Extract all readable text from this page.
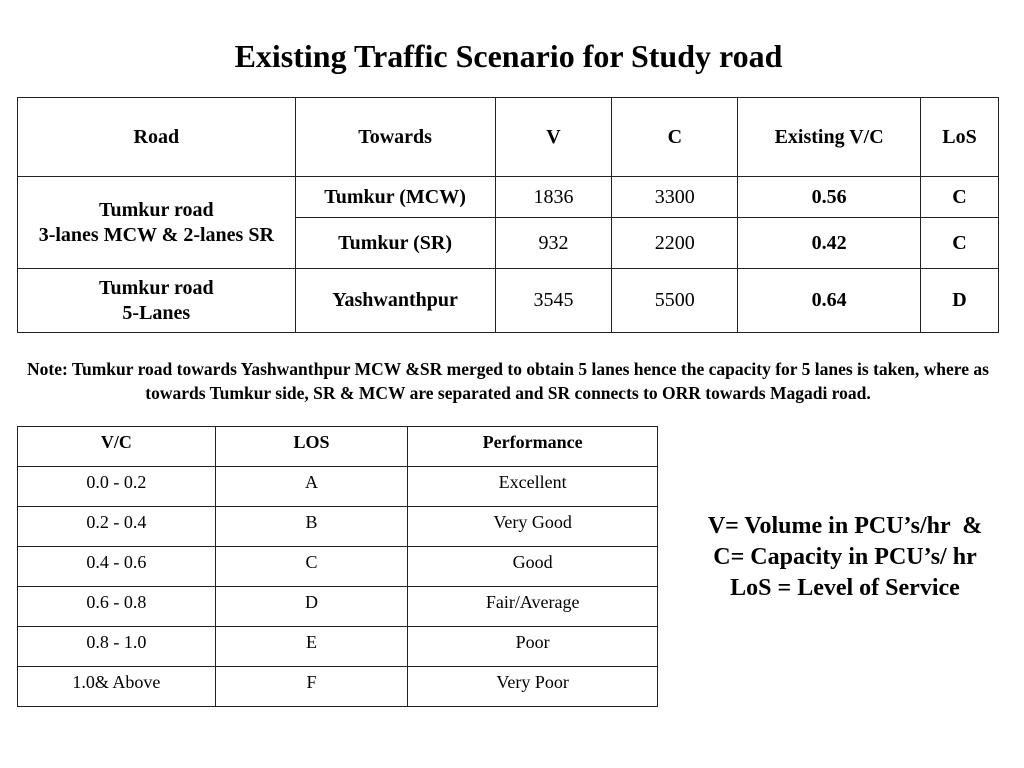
Existing Traffic Scenario for Study road
Road	Towards	V	C	Existing V/C	LoS

Tumkur road
3-lanes MCW & 2-lanes SR	Tumkur (MCW)	1836	3300	0.56	C
	Tumkur (SR)	932	2200	0.42	C

Tumkur road
5-Lanes	Yashwanthpur	3545	5500	0.64	D
Note: Tumkur road towards Yashwanthpur MCW &SR merged to obtain 5 lanes hence the capacity for 5 lanes is taken, where as towards Tumkur side, SR & MCW are separated and SR connects to ORR towards Magadi road.
V/C	LOS	Performance
0.0 - 0.2	A	Excellent
0.2 - 0.4	B	Very Good
0.4 - 0.6	C	Good
0.6 - 0.8	D	Fair/Average
0.8 - 1.0	E	Poor
1.0& Above	F	Very Poor
V= Volume in PCU’s/hr  &
C= Capacity in PCU’s/ hr
LoS = Level of Service
